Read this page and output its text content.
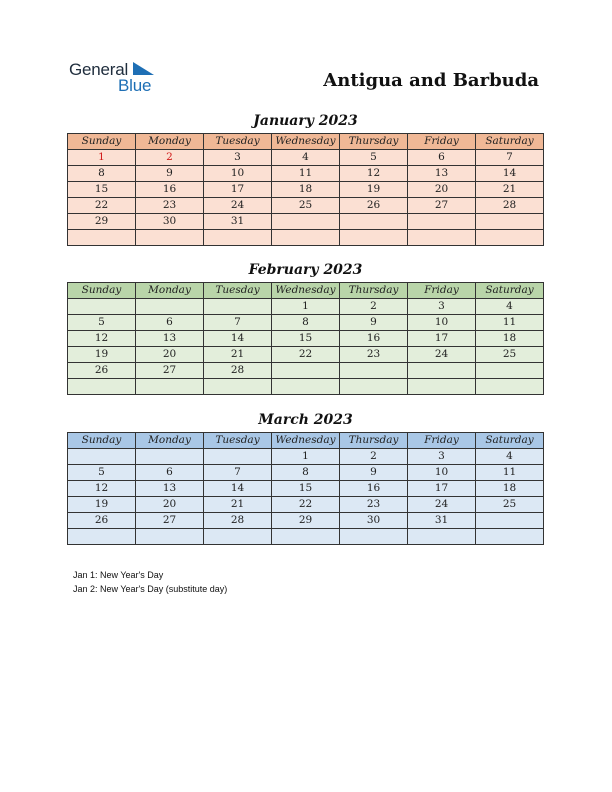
General
Blue	Antigua and Barbuda
January 2023
Sunday	Monday	Tuesday	Wednesday	Thursday	Friday	Saturday
1	2	3	4	5	6	7
8	9	10	11	12	13	14
15	16	17	18	19	20	21
22	23	24	25	26	27	28
29	30	31				

February 2023
Sunday	Monday	Tuesday	Wednesday	Thursday	Friday	Saturday
			1	2	3	4
5	6	7	8	9	10	11
12	13	14	15	16	17	18
19	20	21	22	23	24	25
26	27	28				

March 2023
Sunday	Monday	Tuesday	Wednesday	Thursday	Friday	Saturday
			1	2	3	4
5	6	7	8	9	10	11
12	13	14	15	16	17	18
19	20	21	22	23	24	25
26	27	28	29	30	31	

Jan 1: New Year's Day
Jan 2: New Year's Day (substitute day)
